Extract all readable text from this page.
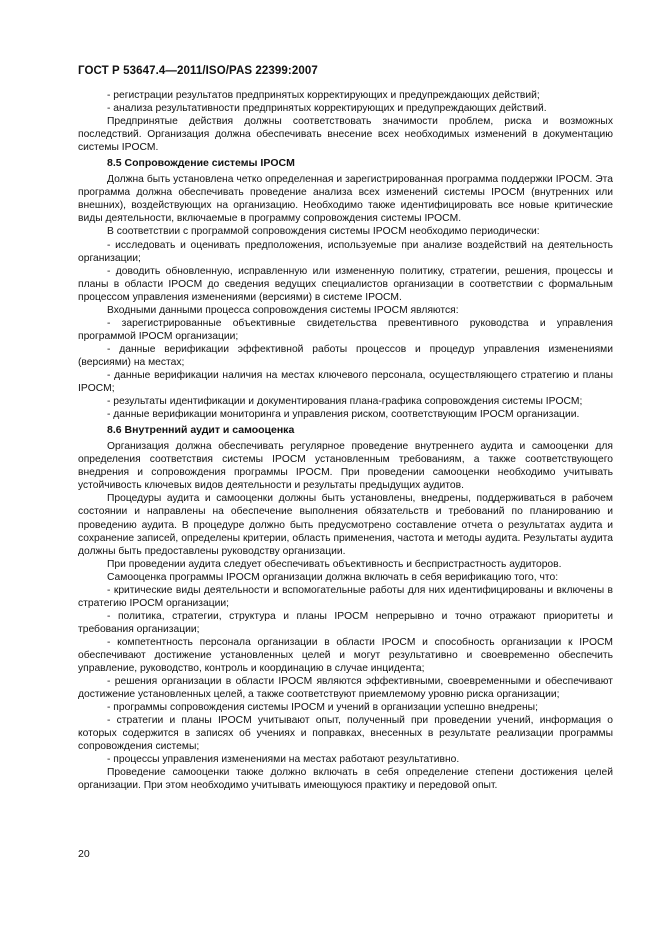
ГОСТ Р 53647.4—2011/ISO/PAS 22399:2007

- регистрации результатов предпринятых корректирующих и предупреждающих действий;

- анализа результативности предпринятых корректирующих и предупреждающих действий.

Предпринятые действия должны соответствовать значимости проблем, риска и возможных последствий. Организация должна обеспечивать внесение всех необходимых изменений в документацию системы IPOCM.

8.5 Сопровождение системы IPOCM

Должна быть установлена четко определенная и зарегистрированная программа поддержки IPOCM. Эта программа должна обеспечивать проведение анализа всех изменений системы IPOCM (внутренних или внешних), воздействующих на организацию. Необходимо также идентифицировать все новые критические виды деятельности, включаемые в программу сопровождения системы IPOCM.

В соответствии с программой сопровождения системы IPOCM необходимо периодически:

- исследовать и оценивать предположения, используемые при анализе воздействий на деятельность организации;

- доводить обновленную, исправленную или измененную политику, стратегии, решения, процессы и планы в области IPOCM до сведения ведущих специалистов организации в соответствии с формальным процессом управления изменениями (версиями) в системе IPOCM.

Входными данными процесса сопровождения системы IPOCM являются:

- зарегистрированные объективные свидетельства превентивного руководства и управления программой IPOCM организации;

- данные верификации эффективной работы процессов и процедур управления изменениями (версиями) на местах;

- данные верификации наличия на местах ключевого персонала, осуществляющего стратегию и планы IPOCM;

- результаты идентификации и документирования плана-графика сопровождения системы IPOCM;

- данные верификации мониторинга и управления риском, соответствующим IPOCM организации.

8.6 Внутренний аудит и самооценка

Организация должна обеспечивать регулярное проведение внутреннего аудита и самооценки для определения соответствия системы IPOCM установленным требованиям, а также соответствующего внедрения и сопровождения программы IPOCM. При проведении самооценки необходимо учитывать устойчивость ключевых видов деятельности и результаты предыдущих аудитов.

Процедуры аудита и самооценки должны быть установлены, внедрены, поддерживаться в рабочем состоянии и направлены на обеспечение выполнения обязательств и требований по планированию и проведению аудита. В процедуре должно быть предусмотрено составление отчета о результатах аудита и сохранение записей, определены критерии, область применения, частота и методы аудита. Результаты аудита должны быть предоставлены руководству организации.

При проведении аудита следует обеспечивать объективность и беспристрастность аудиторов.

Самооценка программы IPOCM организации должна включать в себя верификацию того, что:

- критические виды деятельности и вспомогательные работы для них идентифицированы и включены в стратегию IPOCM организации;

- политика, стратегии, структура и планы IPOCM непрерывно и точно отражают приоритеты и требования организации;

- компетентность персонала организации в области IPOCM и способность организации к IPOCM обеспечивают достижение установленных целей и могут результативно и своевременно обеспечить управление, руководство, контроль и координацию в случае инцидента;

- решения организации в области IPOCM являются эффективными, своевременными и обеспечивают достижение установленных целей, а также соответствуют приемлемому уровню риска организации;

- программы сопровождения системы IPOCM и учений в организации успешно внедрены;

- стратегии и планы IPOCM учитывают опыт, полученный при проведении учений, информация о которых содержится в записях об учениях и поправках, внесенных в результате реализации программы сопровождения системы;

- процессы управления изменениями на местах работают результативно.

Проведение самооценки также должно включать в себя определение степени достижения целей организации. При этом необходимо учитывать имеющуюся практику и передовой опыт.

20
